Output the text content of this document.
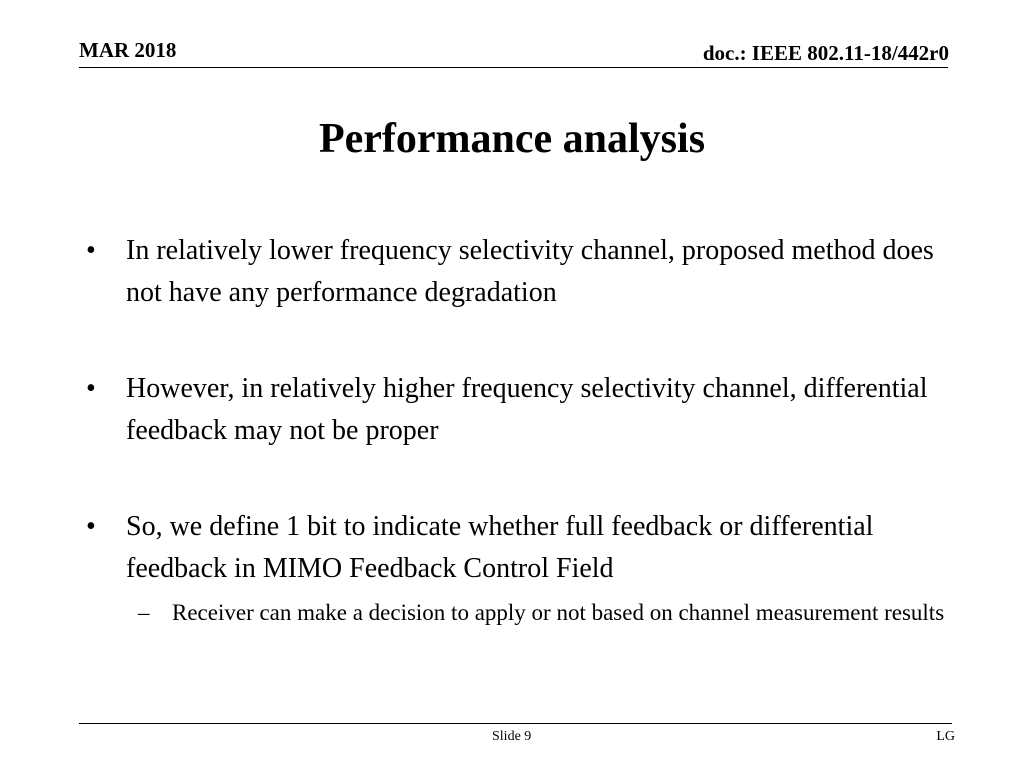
MAR 2018	doc.: IEEE 802.11-18/442r0
Performance analysis
• In relatively lower frequency selectivity channel, proposed method does not have any performance degradation
• However, in relatively higher frequency selectivity channel, differential feedback may not be proper
• So, we define 1 bit to indicate whether full feedback or differential feedback in MIMO Feedback Control Field
– Receiver can make a decision to apply or not based on channel measurement results
Slide 9	LG
